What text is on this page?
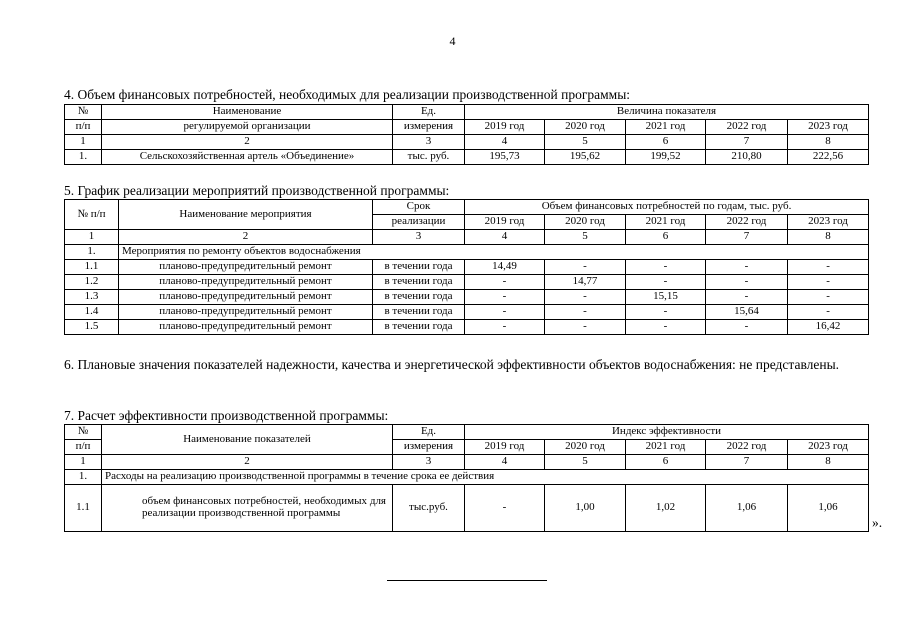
4
4. Объем финансовых потребностей, необходимых для реализации производственной программы:
№	Наименование	Ед.	Величина показателя				
п/п	регулируемой организации	измерения	2019 год	2020 год	2021 год	2022 год	2023 год
1	2	3	4	5	6	7	8
1.	Сельскохозяйственная артель «Объединение»	тыс. руб.	195,73	195,62	199,52	210,80	222,56
5. График реализации мероприятий производственной программы:
№ п/п	Наименование мероприятия	Срок	Объем финансовых потребностей по годам, тыс. руб.				
		реализации	2019 год	2020 год	2021 год	2022 год	2023 год
1	2	3	4	5	6	7	8
1.	Мероприятия по ремонту объектов водоснабжения						
1.1	планово-предупредительный ремонт	в течении года	14,49	-	-	-	-
1.2	планово-предупредительный ремонт	в течении года	-	14,77	-	-	-
1.3	планово-предупредительный ремонт	в течении года	-	-	15,15	-	-
1.4	планово-предупредительный ремонт	в течении года	-	-	-	15,64	-
1.5	планово-предупредительный ремонт	в течении года	-	-	-	-	16,42
6. Плановые значения показателей надежности, качества и энергетической эффективности объектов водоснабжения: не представлены.
7. Расчет эффективности производственной программы:
№	Наименование показателей	Ед.	Индекс эффективности				
п/п		измерения	2019 год	2020 год	2021 год	2022 год	2023 год
1	2	3	4	5	6	7	8
1.	Расходы на реализацию производственной программы в течение срока ее действия						
1.1	объем финансовых потребностей, необходимых для реализации производственной программы	тыс.руб.	-	1,00	1,02	1,06	1,06
».
